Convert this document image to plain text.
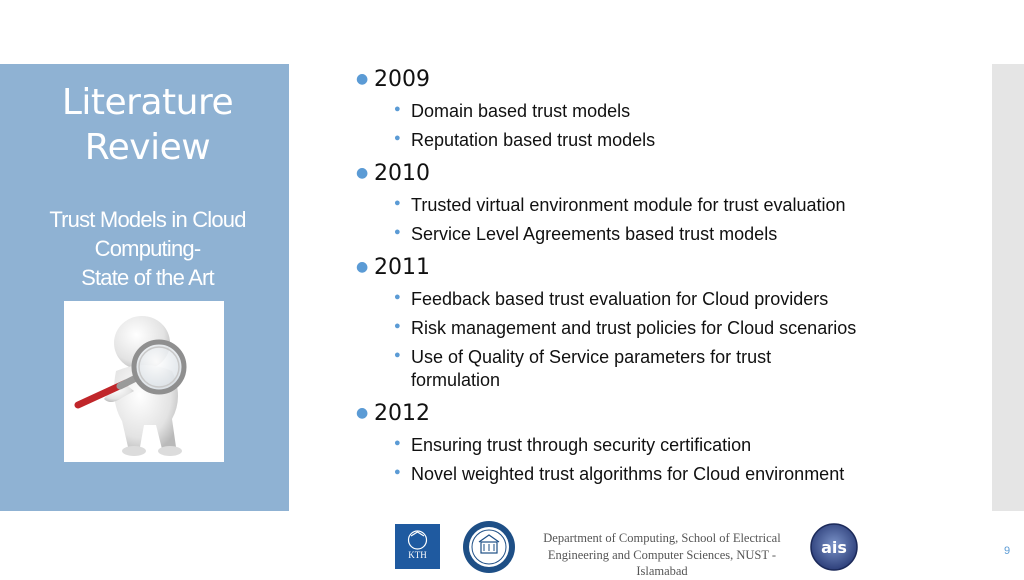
Literature
Review
Trust Models in Cloud
Computing-
State of the Art
● 2009
● Domain based trust models
● Reputation based trust models
● 2010
● Trusted virtual environment module for trust evaluation
● Service Level Agreements based trust models
● 2011
● Feedback based trust evaluation for Cloud providers
● Risk management and trust policies for Cloud scenarios
● Use of Quality of Service parameters for trust formulation
● 2012
● Ensuring trust through security certification
● Novel weighted trust algorithms for Cloud environment
KTH
Department of Computing, School of Electrical
Engineering and Computer Sciences, NUST -
Islamabad
ais	9
